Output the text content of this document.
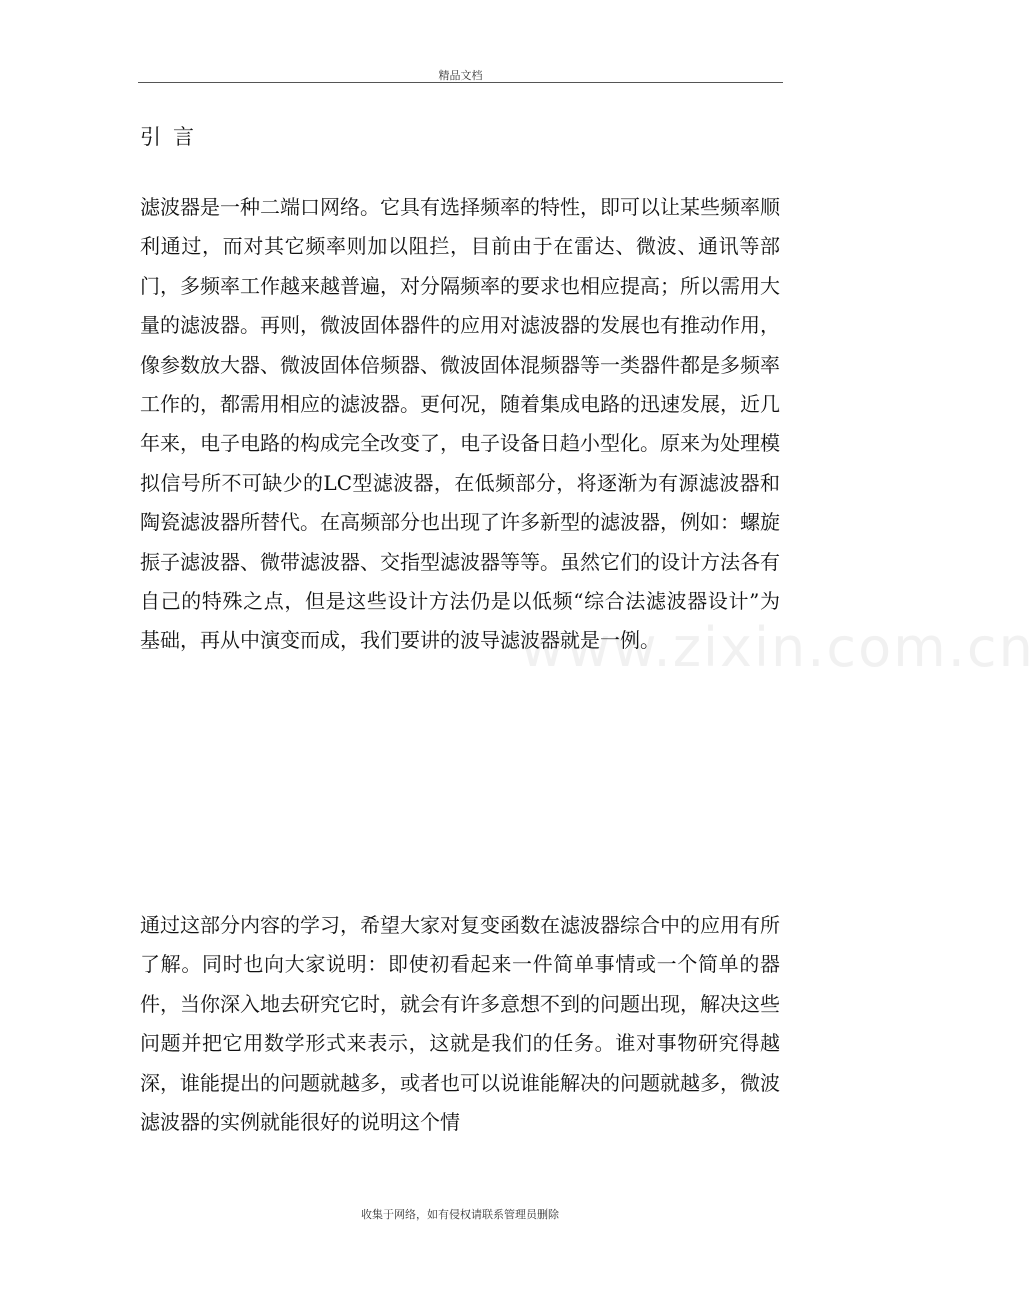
精品文档
www.zixin.com.cn
引言
滤波器是一种二端口网络。它具有选择频率的特性，即可以让某些频率顺利通过，而对其它频率则加以阻拦，目前由于在雷达、微波、通讯等部门，多频率工作越来越普遍，对分隔频率的要求也相应提高；所以需用大量的滤波器。再则，微波固体器件的应用对滤波器的发展也有推动作用，像参数放大器、微波固体倍频器、微波固体混频器等一类器件都是多频率工作的，都需用相应的滤波器。更何况，随着集成电路的迅速发展，近几年来，电子电路的构成完全改变了，电子设备日趋小型化。原来为处理模拟信号所不可缺少的LC型滤波器，在低频部分，将逐渐为有源滤波器和陶瓷滤波器所替代。在高频部分也出现了许多新型的滤波器，例如：螺旋振子滤波器、微带滤波器、交指型滤波器等等。虽然它们的设计方法各有自己的特殊之点，但是这些设计方法仍是以低频“综合法滤波器设计”为基础，再从中演变而成，我们要讲的波导滤波器就是一例。
通过这部分内容的学习，希望大家对复变函数在滤波器综合中的应用有所了解。同时也向大家说明：即使初看起来一件简单事情或一个简单的器件，当你深入地去研究它时，就会有许多意想不到的问题出现，解决这些问题并把它用数学形式来表示，这就是我们的任务。谁对事物研究得越深，谁能提出的问题就越多，或者也可以说谁能解决的问题就越多，微波滤波器的实例就能很好的说明这个情
收集于网络，如有侵权请联系管理员删除
